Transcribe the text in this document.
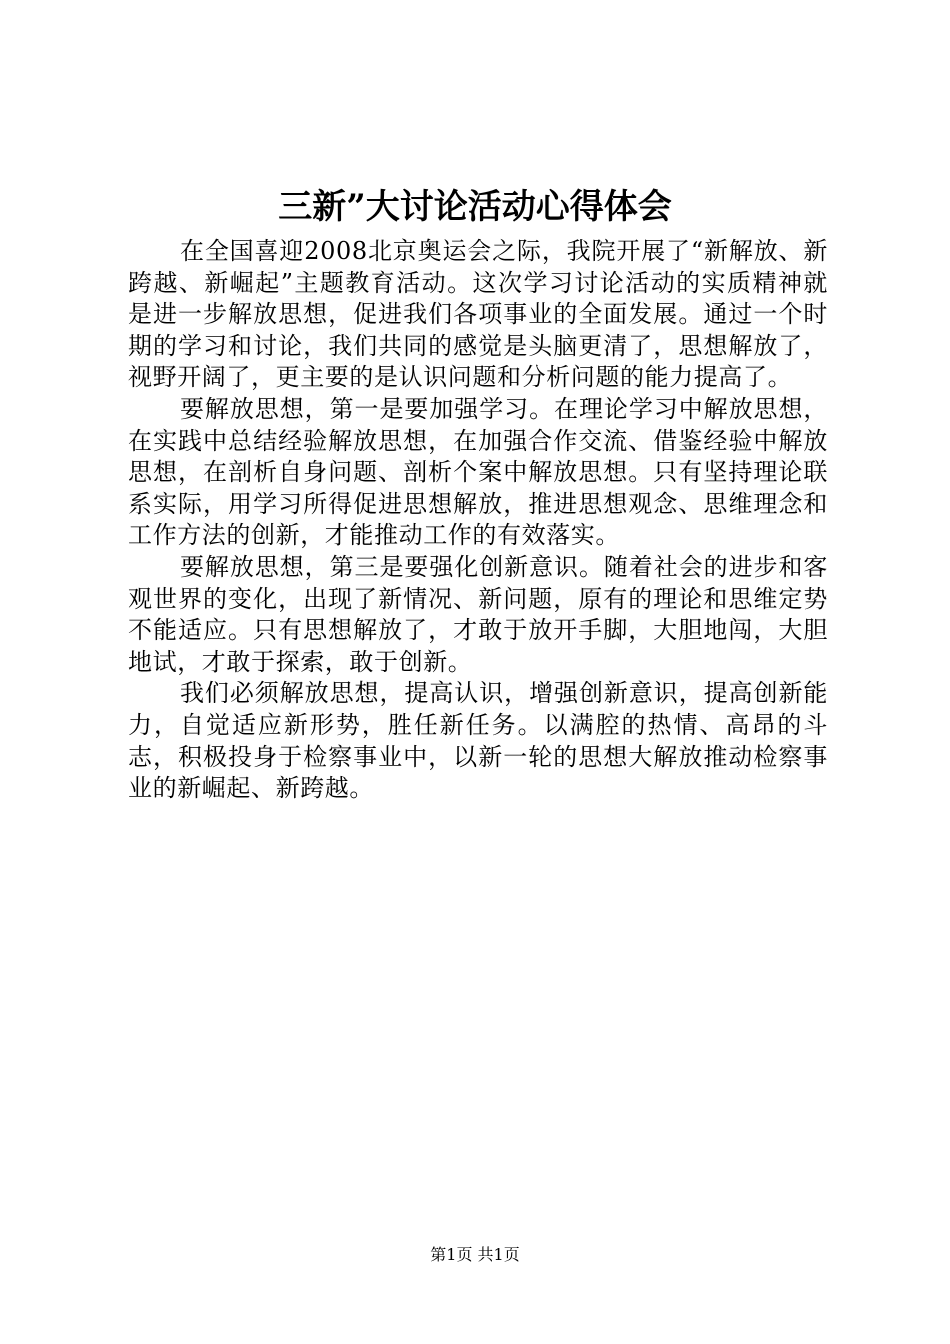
三新”大讨论活动心得体会

在全国喜迎2008北京奥运会之际，我院开展了“新解放、新跨越、新崛起”主题教育活动。这次学习讨论活动的实质精神就是进一步解放思想，促进我们各项事业的全面发展。通过一个时期的学习和讨论，我们共同的感觉是头脑更清了，思想解放了，视野开阔了，更主要的是认识问题和分析问题的能力提高了。

要解放思想，第一是要加强学习。在理论学习中解放思想，在实践中总结经验解放思想，在加强合作交流、借鉴经验中解放思想，在剖析自身问题、剖析个案中解放思想。只有坚持理论联系实际，用学习所得促进思想解放，推进思想观念、思维理念和工作方法的创新，才能推动工作的有效落实。

要解放思想，第三是要强化创新意识。随着社会的进步和客观世界的变化，出现了新情况、新问题，原有的理论和思维定势不能适应。只有思想解放了，才敢于放开手脚，大胆地闯，大胆地试，才敢于探索，敢于创新。

我们必须解放思想，提高认识，增强创新意识，提高创新能力，自觉适应新形势，胜任新任务。以满腔的热情、高昂的斗志，积极投身于检察事业中，以新一轮的思想大解放推动检察事业的新崛起、新跨越。

第1页 共1页
